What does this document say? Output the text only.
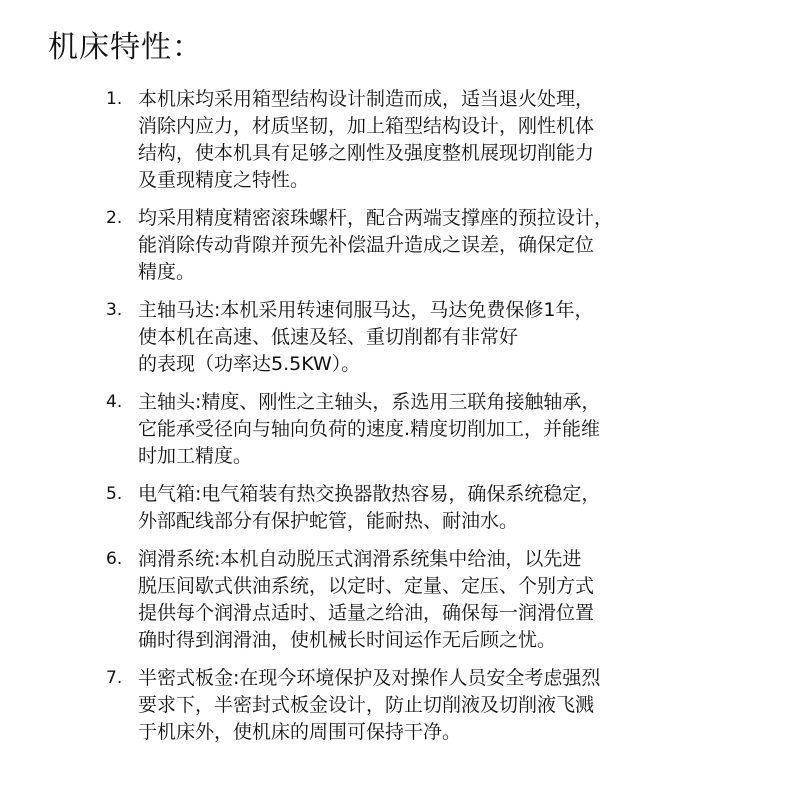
机床特性：
1. 本机床均采用箱型结构设计制造而成，适当退火处理，
消除内应力，材质坚韧，加上箱型结构设计，刚性机体
结构，使本机具有足够之刚性及强度整机展现切削能力
及重现精度之特性。
2. 均采用精度精密滚珠螺杆，配合两端支撑座的预拉设计，
能消除传动背隙并预先补偿温升造成之误差，确保定位
精度。
3. 主轴马达:本机采用转速伺服马达，马达免费保修1年，
使本机在高速、低速及轻、重切削都有非常好
的表现（功率达5.5KW）。
4. 主轴头:精度、刚性之主轴头，系选用三联角接触轴承，
它能承受径向与轴向负荷的速度.精度切削加工，并能维
时加工精度。
5. 电气箱:电气箱装有热交换器散热容易，确保系统稳定，
外部配线部分有保护蛇管，能耐热、耐油水。
6. 润滑系统:本机自动脱压式润滑系统集中给油，以先进
脱压间歇式供油系统，以定时、定量、定压、个别方式
提供每个润滑点适时、适量之给油，确保每一润滑位置
确时得到润滑油，使机械长时间运作无后顾之忧。
7. 半密式板金:在现今环境保护及对操作人员安全考虑强烈
要求下，半密封式板金设计，防止切削液及切削液飞溅
于机床外，使机床的周围可保持干净。
